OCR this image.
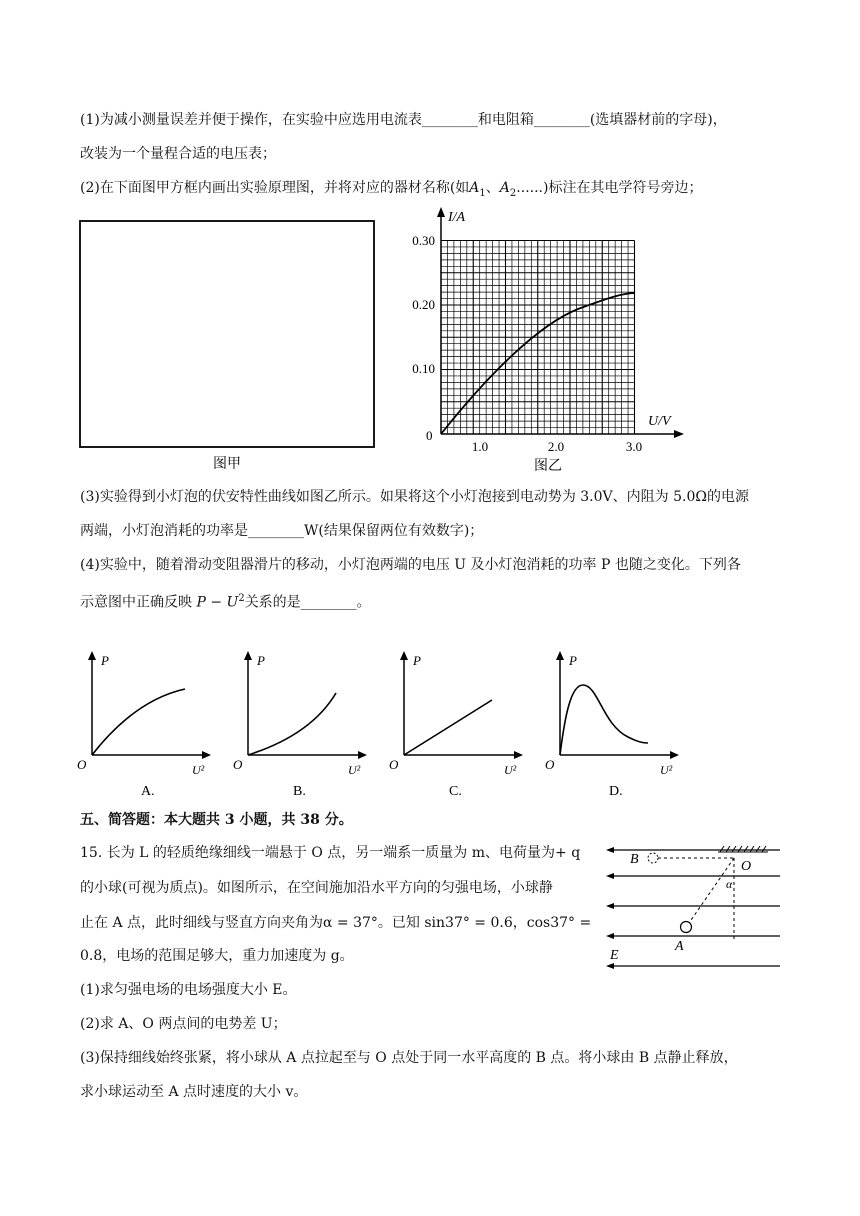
(1)为减小测量误差并便于操作，在实验中应选用电流表________和电阻箱________(选填器材前的字母)，
改装为一个量程合适的电压表；
(2)在下面图甲方框内画出实验原理图，并将对应的器材名称(如$A_1$、$A_2$......)标注在其电学符号旁边；
图甲
I/A
U/V
0
0.10
0.20
0.30
1.0	2.0	3.0
图乙
(3)实验得到小灯泡的伏安特性曲线如图乙所示。如果将这个小灯泡接到电动势为 3.0V、内阻为 5.0Ω的电源
两端，小灯泡消耗的功率是________W(结果保留两位有效数字)；
(4)实验中，随着滑动变阻器滑片的移动，小灯泡两端的电压 U 及小灯泡消耗的功率 P 也随之变化。下列各
示意图中正确反映 $P - U^2$关系的是________。
P
O	U²
A.
P
O	U²
B.
P
O	U²
C.
P
O	U²
D.
五、简答题：本大题共 3 小题，共 38 分。
15. 长为 L 的轻质绝缘细线一端悬于 O 点，另一端系一质量为 m、电荷量为+ q
的小球(可视为质点)。如图所示，在空间施加沿水平方向的匀强电场，小球静
止在 A 点，此时细线与竖直方向夹角为α = 37°。已知 sin37° = 0.6，cos37° =
0.8，电场的范围足够大，重力加速度为 g。
(1)求匀强电场的电场强度大小 E。
(2)求 A、O 两点间的电势差 U；
(3)保持细线始终张紧，将小球从 A 点拉起至与 O 点处于同一水平高度的 B 点。将小球由 B 点静止释放，
求小球运动至 A 点时速度的大小 v。
B	O
α
A
E
